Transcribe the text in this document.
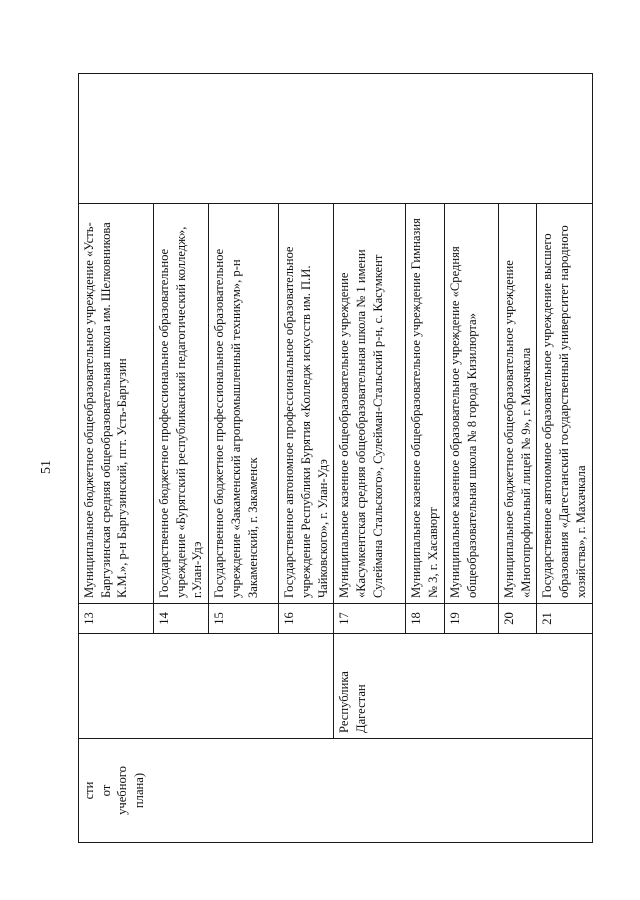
51
сти от учебного плана)		13	Муниципальное бюджетное общеобразовательное учреждение «Усть-Баргузинская средняя общеобразовательная школа им. Шелковникова К.М.», р-н Баргузинский, пгт. Усть-Баргузин	
		14	Государственное бюджетное профессиональное образовательное учреждение «Бурятский республиканский педагогический колледж», г.Улан-Удэ	
		15	Государственное бюджетное профессиональное образовательное учреждение «Закаменский агропромышленный техникум», р-н Закаменский, г. Закаменск	
		16	Государственное автономное профессиональное образовательное учреждение Республики Бурятия «Колледж искусств им. П.И. Чайковского», г. Улан-Удэ	
	Республика Дагестан	17	Муниципальное казенное общеобразовательное учреждение «Касумкентская средняя общеобразовательная школа № 1 имени Сулеймана Стальского», Сулейман-Стальский р-н, с. Касумкент	
		18	Муниципальное казенное общеобразовательное учреждение Гимназия № 3, г. Хасавюрт	
		19	Муниципальное казенное образовательное учреждение «Средняя общеобразовательная школа № 8 города Кизилюрта»	
		20	Муниципальное бюджетное общеобразовательное учреждение «Многопрофильный лицей № 9», г. Махачкала	
		21	Государственное автономное образовательное учреждение высшего образования «Дагестанский государственный университет народного хозяйства», г. Махачкала	
